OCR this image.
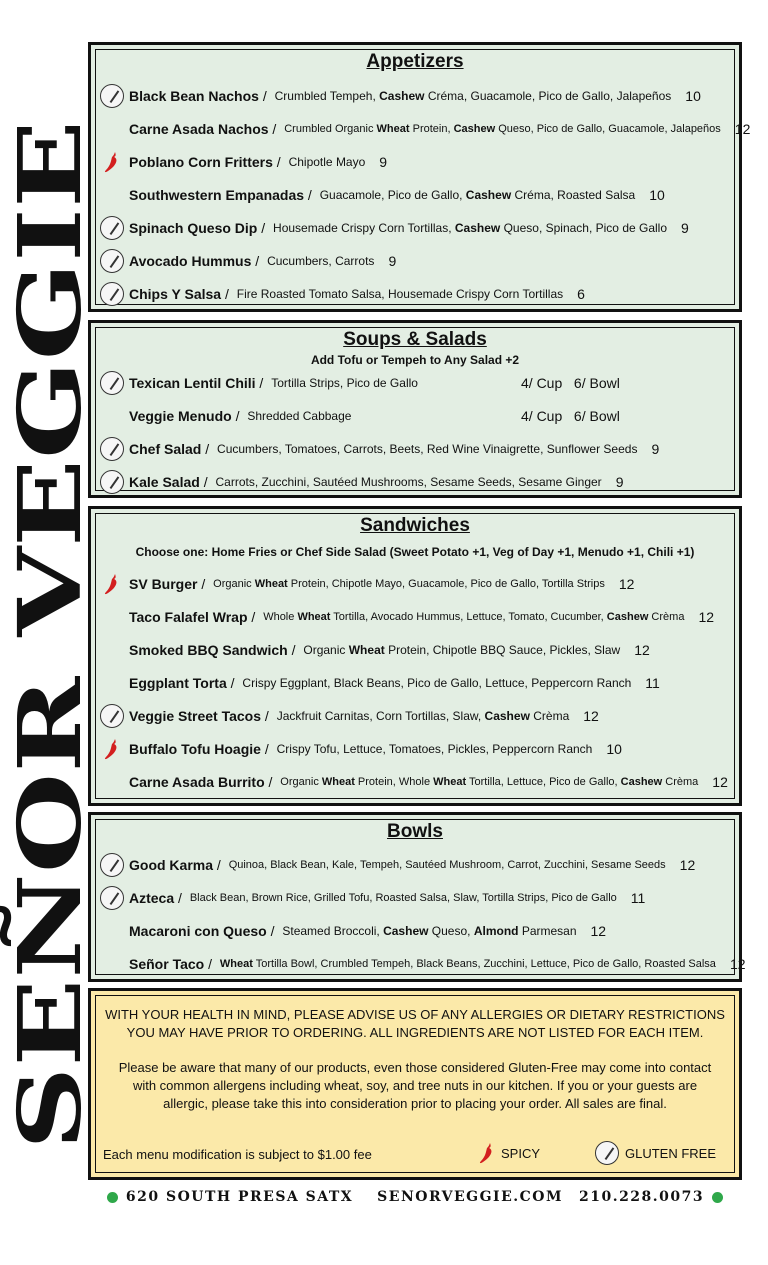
SEÑOR VEGGIE
Appetizers
Black Bean Nachos / Crumbled Tempeh, Cashew Créma, Guacamole, Pico de Gallo, Jalapeños 10
Carne Asada Nachos / Crumbled Organic Wheat Protein, Cashew Queso, Pico de Gallo, Guacamole, Jalapeños 12
Poblano Corn Fritters / Chipotle Mayo 9
Southwestern Empanadas / Guacamole, Pico de Gallo, Cashew Créma, Roasted Salsa 10
Spinach Queso Dip / Housemade Crispy Corn Tortillas, Cashew Queso, Spinach, Pico de Gallo 9
Avocado Hummus / Cucumbers, Carrots 9
Chips Y Salsa / Fire Roasted Tomato Salsa, Housemade Crispy Corn Tortillas 6
Soups & Salads
Add Tofu or Tempeh to Any Salad +2
Texican Lentil Chili / Tortilla Strips, Pico de Gallo	4/ Cup   6/ Bowl
Veggie Menudo / Shredded Cabbage	4/ Cup   6/ Bowl
Chef Salad / Cucumbers, Tomatoes, Carrots, Beets, Red Wine Vinaigrette, Sunflower Seeds 9
Kale Salad / Carrots, Zucchini, Sautéed Mushrooms, Sesame Seeds, Sesame Ginger 9
Sandwiches
Choose one: Home Fries or Chef Side Salad (Sweet Potato +1, Veg of Day +1, Menudo +1, Chili +1)
SV Burger / Organic Wheat Protein, Chipotle Mayo, Guacamole, Pico de Gallo, Tortilla Strips 12
Taco Falafel Wrap / Whole Wheat Tortilla, Avocado Hummus, Lettuce, Tomato, Cucumber, Cashew Crèma 12
Smoked BBQ Sandwich / Organic Wheat Protein, Chipotle BBQ Sauce, Pickles, Slaw 12
Eggplant Torta / Crispy Eggplant, Black Beans, Pico de Gallo, Lettuce, Peppercorn Ranch 11
Veggie Street Tacos / Jackfruit Carnitas, Corn Tortillas, Slaw, Cashew Crèma 12
Buffalo Tofu Hoagie / Crispy Tofu, Lettuce, Tomatoes, Pickles, Peppercorn Ranch 10
Carne Asada Burrito / Organic Wheat Protein, Whole Wheat Tortilla, Lettuce, Pico de Gallo, Cashew Crèma 12
Bowls
Good Karma / Quinoa, Black Bean, Kale, Tempeh, Sautéed Mushroom, Carrot, Zucchini, Sesame Seeds 12
Azteca / Black Bean, Brown Rice, Grilled Tofu, Roasted Salsa, Slaw, Tortilla Strips, Pico de Gallo 11
Macaroni con Queso / Steamed Broccoli, Cashew Queso, Almond Parmesan 12
Señor Taco / Wheat Tortilla Bowl, Crumbled Tempeh, Black Beans, Zucchini, Lettuce, Pico de Gallo, Roasted Salsa 12

WITH YOUR HEALTH IN MIND, PLEASE ADVISE US OF ANY ALLERGIES OR DIETARY RESTRICTIONS

YOU MAY HAVE PRIOR TO ORDERING. ALL INGREDIENTS ARE NOT LISTED FOR EACH ITEM.

Please be aware that many of our products, even those considered Gluten-Free may come into contact

with common allergens including wheat, soy, and tree nuts in our kitchen. If you or your guests are

allergic, please take this into consideration prior to placing your order. All sales are final.

Each menu modification is subject to $1.00 fee	SPICY	GLUTEN FREE
620 SOUTH PRESA SATX SENORVEGGIE.COM 210.228.0073
